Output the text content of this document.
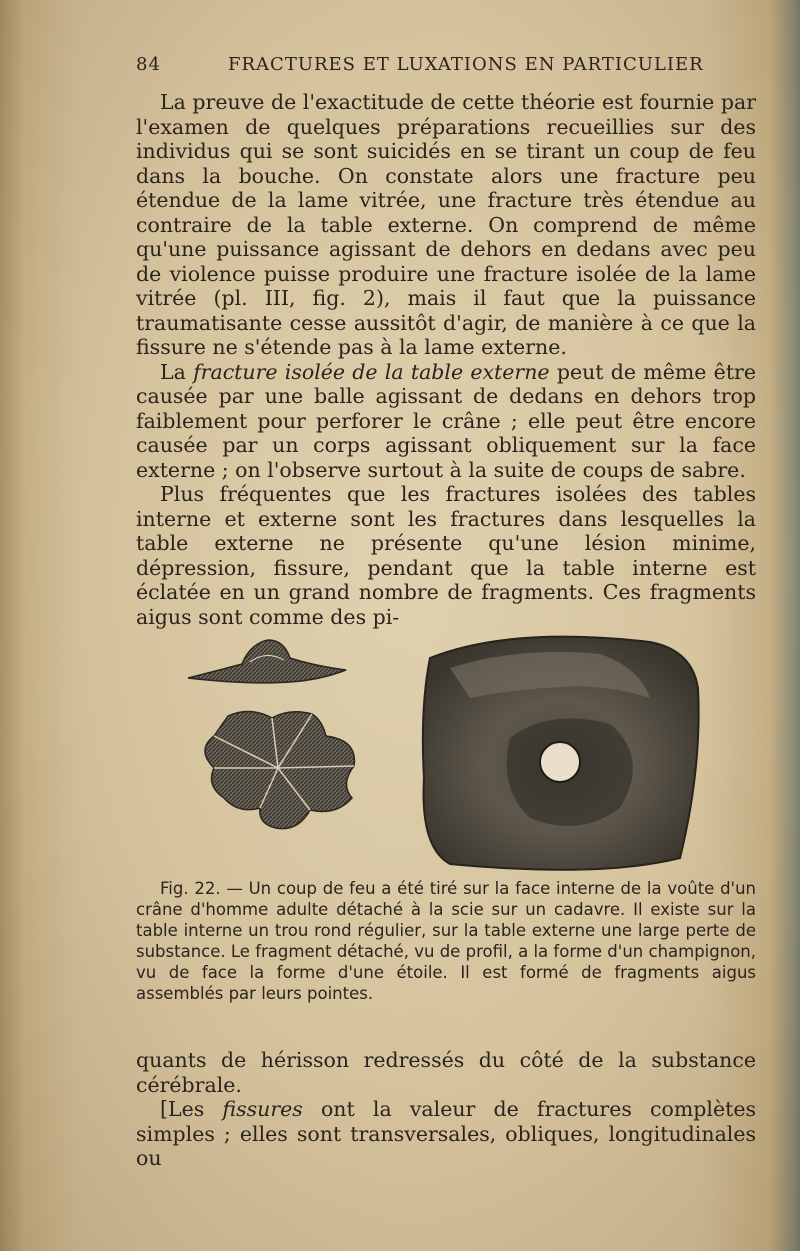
84	FRACTURES ET LUXATIONS EN PARTICULIER

La preuve de l'exactitude de cette théorie est fournie par l'examen de quelques préparations recueillies sur des individus qui se sont suicidés en se tirant un coup de feu dans la bouche. On constate alors une fracture peu étendue de la lame vitrée, une fracture très étendue au contraire de la table externe. On comprend de même qu'une puissance agissant de dehors en dedans avec peu de violence puisse produire une fracture isolée de la lame vitrée (pl. III, fig. 2), mais il faut que la puissance traumatisante cesse aussitôt d'agir, de manière à ce que la fissure ne s'étende pas à la lame externe.

La fracture isolée de la table externe peut de même être causée par une balle agissant de dedans en dehors trop faiblement pour perforer le crâne ; elle peut être encore causée par un corps agissant obliquement sur la face externe ; on l'observe surtout à la suite de coups de sabre.

Plus fréquentes que les fractures isolées des tables interne et externe sont les fractures dans lesquelles la table externe ne présente qu'une lésion minime, dépression, fissure, pendant que la table interne est éclatée en un grand nombre de fragments. Ces fragments aigus sont comme des pi-

Fig. 22. — Un coup de feu a été tiré sur la face interne de la voûte d'un crâne d'homme adulte détaché à la scie sur un cadavre. Il existe sur la table interne un trou rond régulier, sur la table externe une large perte de substance. Le fragment détaché, vu de profil, a la forme d'un champignon, vu de face la forme d'une étoile. Il est formé de fragments aigus assemblés par leurs pointes.

quants de hérisson redressés du côté de la substance cérébrale.

[Les fissures ont la valeur de fractures complètes simples ; elles sont transversales, obliques, longitudinales ou
